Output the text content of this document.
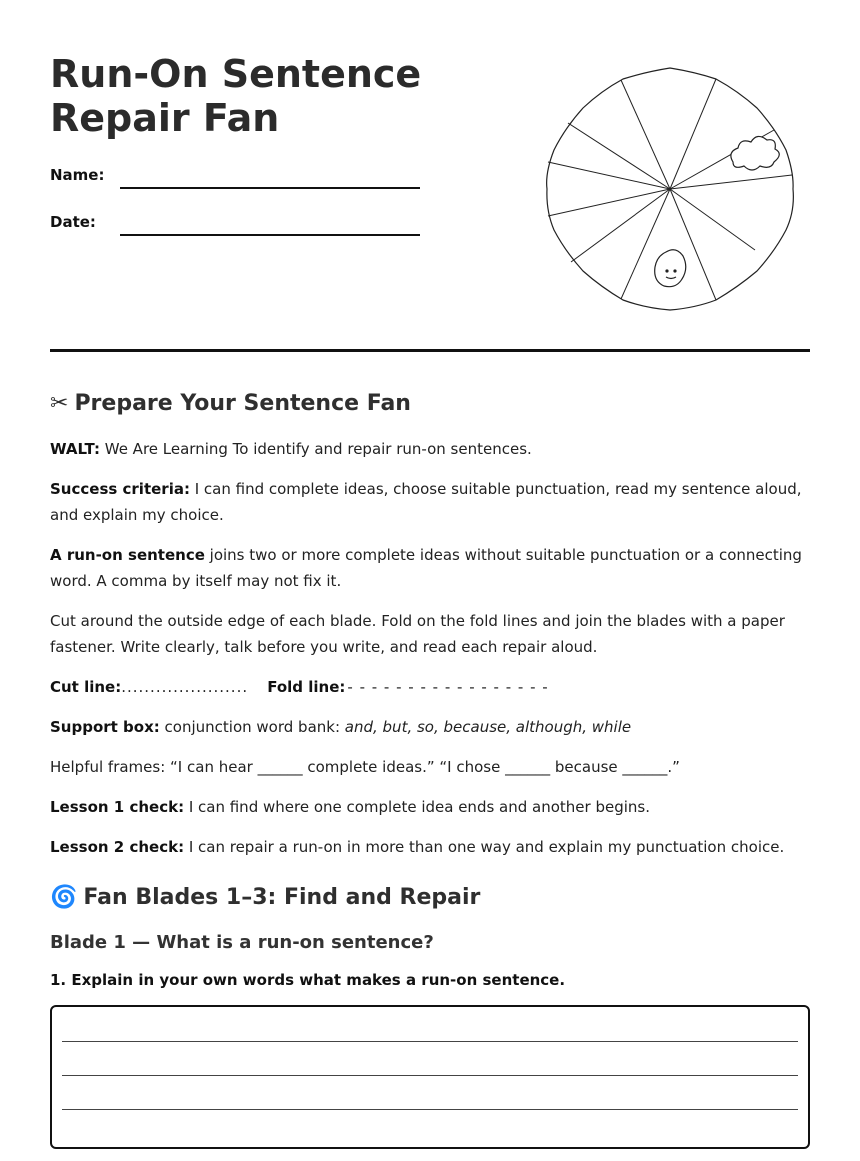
Run-On Sentence Repair Fan
Name:
Date:
✂ Prepare Your Sentence Fan

WALT: We Are Learning To identify and repair run-on sentences.

Success criteria: I can find complete ideas, choose suitable punctuation, read my sentence aloud, and explain my choice.

A run-on sentence joins two or more complete ideas without suitable punctuation or a connecting word. A comma by itself may not fix it.

Cut around the outside edge of each blade. Fold on the fold lines and join the blades with a paper fastener. Write clearly, talk before you write, and read each repair aloud.

Cut line:...................... Fold line: - - - - - - - - - - - - - - - - -

Support box: conjunction word bank: and, but, so, because, although, while

Helpful frames: “I can hear ______ complete ideas.” “I chose ______ because ______.”

Lesson 1 check: I can find where one complete idea ends and another begins.

Lesson 2 check: I can repair a run-on in more than one way and explain my punctuation choice.

🌀 Fan Blades 1–3: Find and Repair
Blade 1 — What is a run-on sentence?

1. Explain in your own words what makes a run-on sentence.
